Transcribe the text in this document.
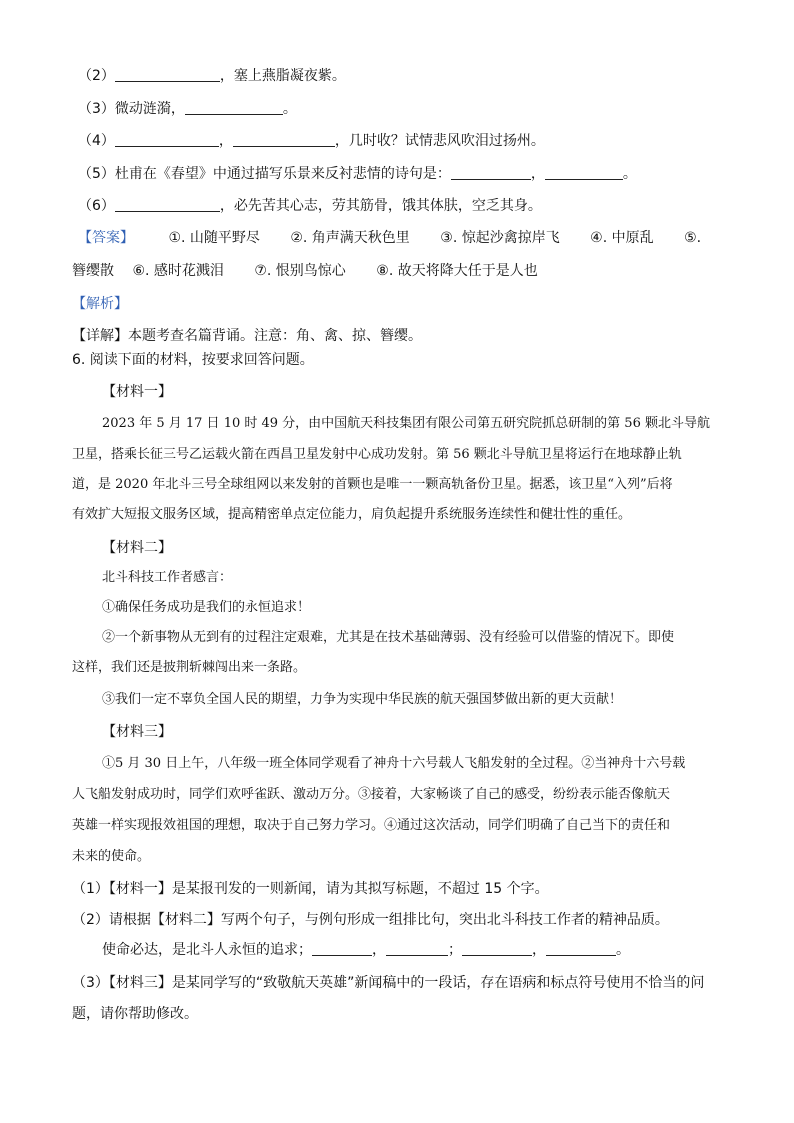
（2）	，塞上燕脂凝夜紫。
（3）微动涟漪，	。
（4）	，	，几时收？试情悲风吹泪过扬州。
（5）杜甫在《春望》中通过描写乐景来反衬悲情的诗句是：	，	。
（6）	，必先苦其心志，劳其筋骨，饿其体肤，空乏其身。
【答案】 ①. 山随平野尽 ②. 角声满天秋色里 ③. 惊起沙禽掠岸飞 ④. 中原乱 ⑤.
簪缨散 ⑥. 感时花溅泪 ⑦. 恨别鸟惊心 ⑧. 故天将降大任于是人也
【解析】
【详解】本题考查名篇背诵。注意：角、禽、掠、簪缨。
6. 阅读下面的材料，按要求回答问题。
【材料一】
2023 年 5 月 17 日 10 时 49 分，由中国航天科技集团有限公司第五研究院抓总研制的第 56 颗北斗导航
卫星，搭乘长征三号乙运载火箭在西昌卫星发射中心成功发射。第 56 颗北斗导航卫星将运行在地球静止轨
道，是 2020 年北斗三号全球组网以来发射的首颗也是唯一一颗高轨备份卫星。据悉，该卫星“入列”后将
有效扩大短报文服务区域，提高精密单点定位能力，肩负起提升系统服务连续性和健壮性的重任。
【材料二】
北斗科技工作者感言：
①确保任务成功是我们的永恒追求！
②一个新事物从无到有的过程注定艰难，尤其是在技术基础薄弱、没有经验可以借鉴的情况下。即使
这样，我们还是披荆斩棘闯出来一条路。
③我们一定不辜负全国人民的期望，力争为实现中华民族的航天强国梦做出新的更大贡献！
【材料三】
①5 月 30 日上午，八年级一班全体同学观看了神舟十六号载人飞船发射的全过程。②当神舟十六号载
人飞船发射成功时，同学们欢呼雀跃、激动万分。③接着，大家畅谈了自己的感受，纷纷表示能否像航天
英雄一样实现报效祖国的理想，取决于自己努力学习。④通过这次活动，同学们明确了自己当下的责任和
未来的使命。
（1）【材料一】是某报刊发的一则新闻，请为其拟写标题，不超过 15 个字。
（2）请根据【材料二】写两个句子，与例句形成一组排比句，突出北斗科技工作者的精神品质。
使命必达，是北斗人永恒的追求；	，	；	，	。
（3）【材料三】是某同学写的“致敬航天英雄”新闻稿中的一段话，存在语病和标点符号使用不恰当的问
题，请你帮助修改。
